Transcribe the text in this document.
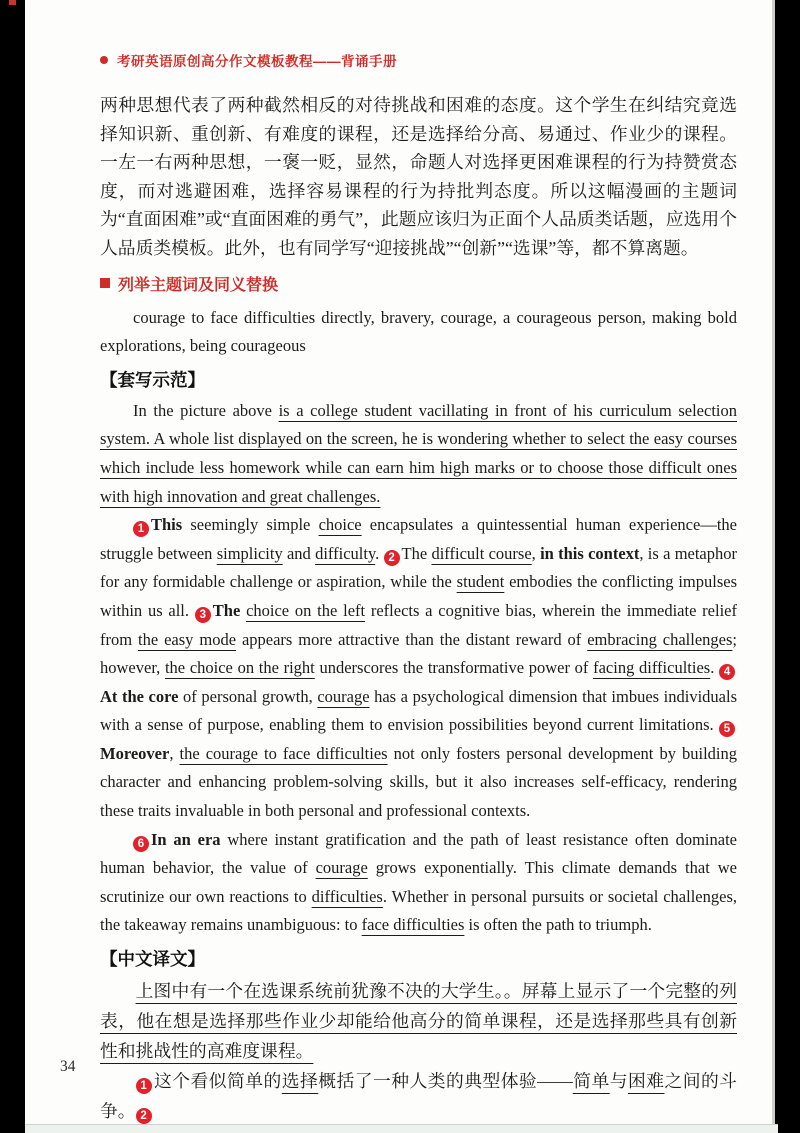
考研英语原创高分作文模板教程——背诵手册

两种思想代表了两种截然相反的对待挑战和困难的态度。这个学生在纠结究竟选择知识新、重创新、有难度的课程，还是选择给分高、易通过、作业少的课程。一左一右两种思想，一褒一贬，显然，命题人对选择更困难课程的行为持赞赏态度，而对逃避困难，选择容易课程的行为持批判态度。所以这幅漫画的主题词为“直面困难”或“直面困难的勇气”，此题应该归为正面个人品质类话题，应选用个人品质类模板。此外，也有同学写“迎接挑战”“创新”“选课”等，都不算离题。

列举主题词及同义替换

courage to face difficulties directly, bravery, courage, a courageous person, making bold explorations, being courageous

【套写示范】

In the picture above is a college student vacillating in front of his curriculum selection system. A whole list displayed on the screen, he is wondering whether to select the easy courses which include less homework while can earn him high marks or to choose those difficult ones with high innovation and great challenges.

1 This seemingly simple choice encapsulates a quintessential human experience—the struggle between simplicity and difficulty. 2 The difficult course, in this context, is a metaphor for any formidable challenge or aspiration, while the student embodies the conflicting impulses within us all. 3 The choice on the left reflects a cognitive bias, wherein the immediate relief from the easy mode appears more attractive than the distant reward of embracing challenges; however, the choice on the right underscores the transformative power of facing difficulties. 4At the core of personal growth, courage has a psychological dimension that imbues individuals with a sense of purpose, enabling them to envision possibilities beyond current limitations. 5Moreover, the courage to face difficulties not only fosters personal development by building character and enhancing problem-solving skills, but it also increases self-efficacy, rendering these traits invaluable in both personal and professional contexts.

6 In an era where instant gratification and the path of least resistance often dominate human behavior, the value of courage grows exponentially. This climate demands that we scrutinize our own reactions to difficulties. Whether in personal pursuits or societal challenges, the takeaway remains unambiguous: to face difficulties is often the path to triumph.

【中文译文】

上图中有一个在选课系统前犹豫不决的大学生。。屏幕上显示了一个完整的列表，他在想是选择那些作业少却能给他高分的简单课程，还是选择那些具有创新性和挑战性的高难度课程。

1 这个看似简单的选择概括了一种人类的典型体验——简单与困难之间的斗争。 2

34
